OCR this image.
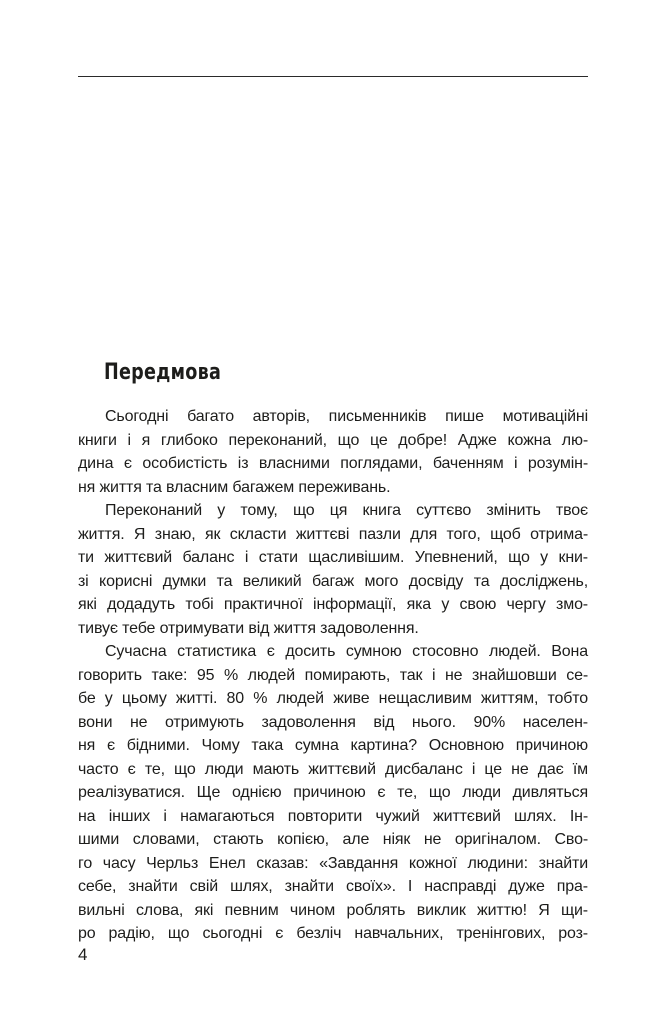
Передмова
Сьогодні багато авторів, письменників пише мотиваційні
книги і я глибоко переконаний, що це добре! Адже кожна лю-
дина є особистість із власними поглядами, баченням і розумін-
ня життя та власним багажем переживань.
Переконаний у тому, що ця книга суттєво змінить твоє
життя. Я знаю, як скласти життєві пазли для того, щоб отрима-
ти життєвий баланс і стати щасливішим. Упевнений, що у кни-
зі корисні думки та великий багаж мого досвіду та досліджень,
які додадуть тобі практичної інформації, яка у свою чергу змо-
тивує тебе отримувати від життя задоволення.
Сучасна статистика є досить сумною стосовно людей. Вона
говорить таке: 95 % людей помирають, так і не знайшовши се-
бе у цьому житті. 80 % людей живе нещасливим життям, тобто
вони не отримують задоволення від нього. 90% населен-
ня є бідними. Чому така сумна картина? Основною причиною
часто є те, що люди мають життєвий дисбаланс і це не дає їм
реалізуватися. Ще однією причиною є те, що люди дивляться
на інших і намагаються повторити чужий життєвий шлях. Ін-
шими словами, стають копією, але ніяк не оригіналом. Сво-
го часу Черльз Енел сказав: «Завдання кожної людини: знайти
себе, знайти свій шлях, знайти своїх». І насправді дуже пра-
вильні слова, які певним чином роблять виклик життю! Я щи-
ро радію, що сьогодні є безліч навчальних, тренінгових, роз-
4
